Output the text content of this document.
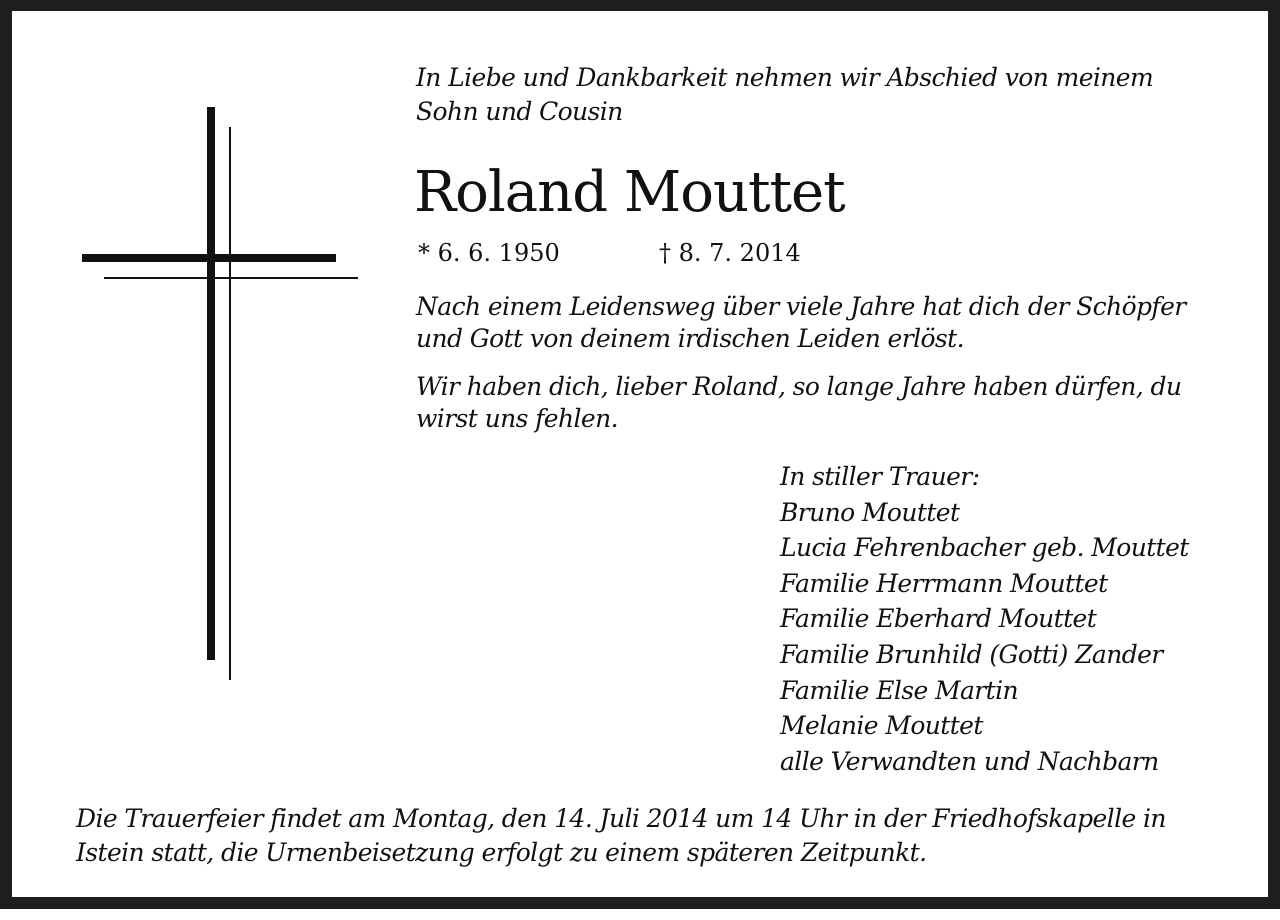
In Liebe und Dankbarkeit nehmen wir Abschied von meinem
Sohn und Cousin

Roland Mouttet
* 6. 6. 1950	† 8. 7. 2014

Nach einem Leidensweg über viele Jahre hat dich der Schöpfer
und Gott von deinem irdischen Leiden erlöst.

Wir haben dich, lieber Roland, so lange Jahre haben dürfen, du
wirst uns fehlen.

In stiller Trauer:
Bruno Mouttet
Lucia Fehrenbacher geb. Mouttet
Familie Herrmann Mouttet
Familie Eberhard Mouttet
Familie Brunhild (Gotti) Zander
Familie Else Martin
Melanie Mouttet
alle Verwandten und Nachbarn

Die Trauerfeier findet am Montag, den 14. Juli 2014 um 14 Uhr in der Friedhofskapelle in
Istein statt, die Urnenbeisetzung erfolgt zu einem späteren Zeitpunkt.
